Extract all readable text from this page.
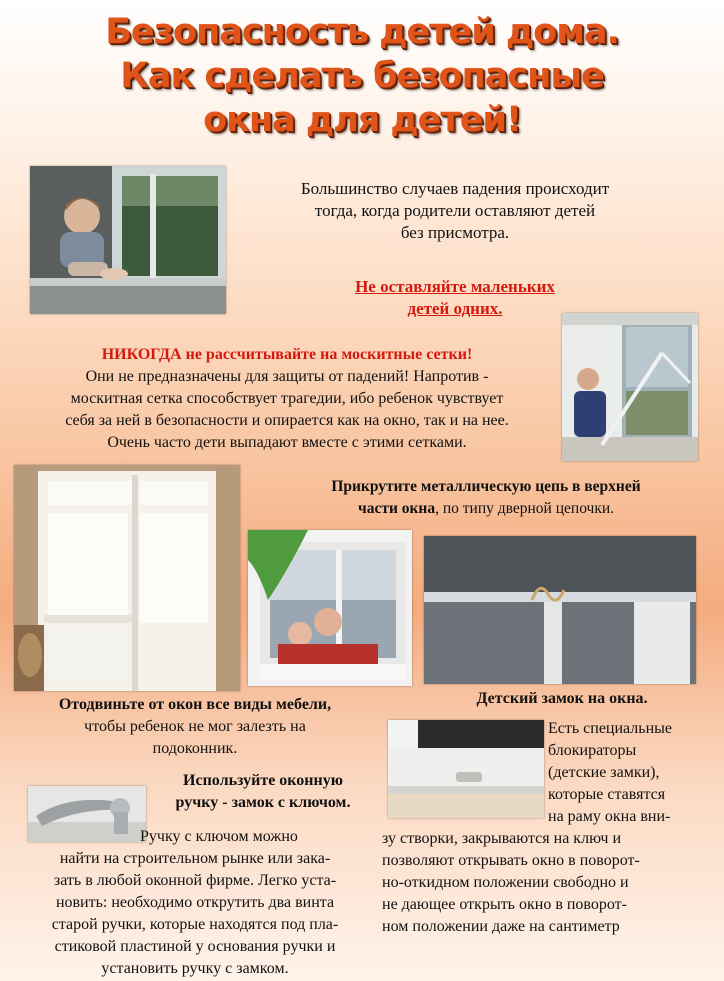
Безопасность детей дома.
Как сделать безопасные
окна для детей!

Большинство случаев падения происходит

тогда, когда родители оставляют детей

без присмотра.

Не оставляйте маленьких

детей одних.

НИКОГДА не рассчитывайте на москитные сетки!

Они не предназначены для защиты от падений! Напротив -

москитная сетка способствует трагедии, ибо ребенок чувствует

себя за ней в безопасности и опирается как на окно, так и на нее.

Очень часто дети выпадают вместе с этими сетками.

Прикрутите металлическую цепь в верхней

части окна, по типу дверной цепочки.

Отодвиньте от окон все виды мебели,

чтобы ребенок не мог залезть на

подоконник.

Детский замок на окна.

Есть специальные
блокираторы
(детские замки),
которые ставятся
на раму окна вни-
зу створки, закрываются на ключ и
позволяют открывать окно в поворот-
но-откидном положении свободно и
не дающее открыть окно в поворот-
ном положении даже на сантиметр

Используйте оконную

ручку - замок с ключом.

Ручку с ключом можно

найти на строительном рынке или зака-

зать в любой оконной фирме. Легко уста-

новить: необходимо открутить два винта

старой ручки, которые находятся под пла-

стиковой пластиной у основания ручки и

установить ручку с замком.
